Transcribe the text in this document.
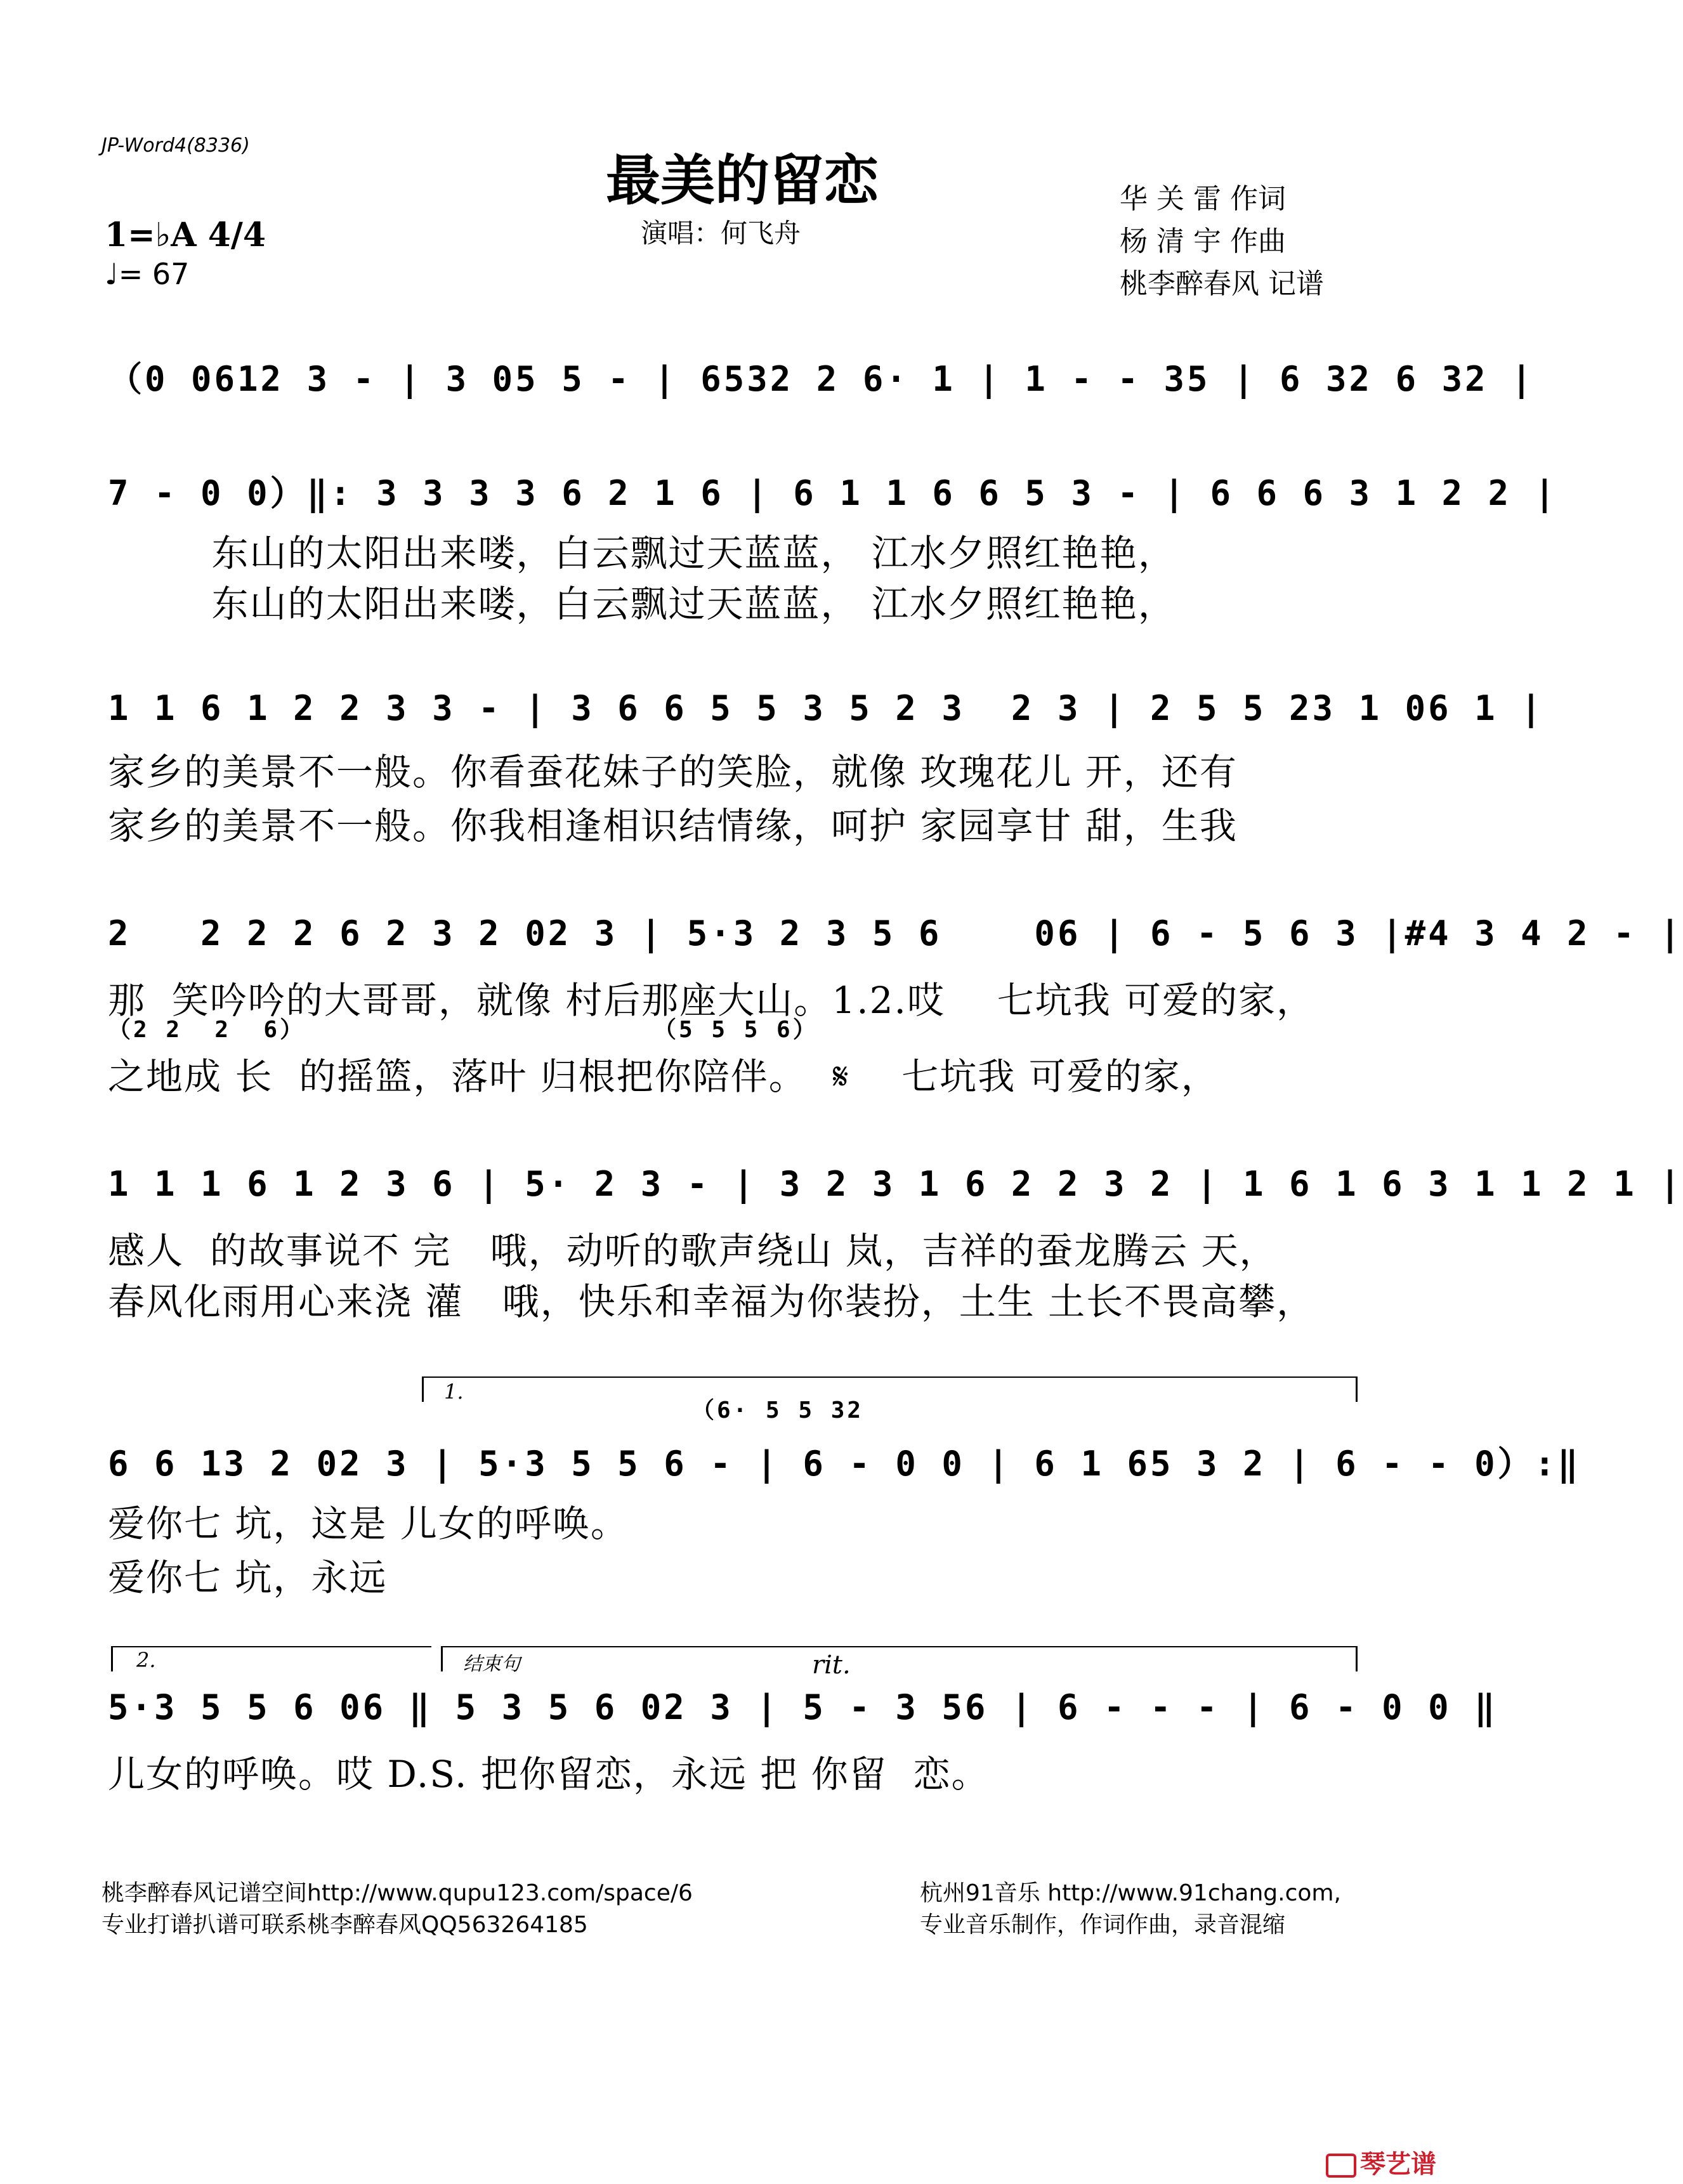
JP-Word4(8336)
最美的留恋
演唱：何飞舟
华 关 雷 作词
杨 清 宇 作曲
桃李醉春风 记谱
1=♭A 4/4
♩= 67
（0 0612 3 - | 3 05 5 - | 6532 2 6· 1 | 1 - - 35 | 6 32 6 32 |
7 - 0 0）‖: 3 3 3 3 6 2 1 6 | 6 1 1 6 6 5 3 - | 6 6 6 3 1 2 2 |
东山的太阳出来喽，白云飘过天蓝蓝， 江水夕照红艳艳，
东山的太阳出来喽，白云飘过天蓝蓝， 江水夕照红艳艳，
1 1 6 1 2 2 3 3 - | 3 6 6 5 5 3 5 2 3  2 3 | 2 5 5 23 1 06 1 |
家乡的美景不一般。你看蚕花妹子的笑脸，就像 玫瑰花儿 开，还有
家乡的美景不一般。你我相逢相识结情缘，呵护 家园享甘 甜，生我
2   2 2 2 6 2 3 2 02 3 | 5·3 2 3 5 6    06 | 6 - 5 6 3 |#4 3 4 2 - |
那  笑吟吟的大哥哥，就像 村后那座大山。1.2.哎    七坑我 可爱的家，
（2 2  2  6）	（5 5 5 6）
之地成 长  的摇篮，落叶 归根把你陪伴。  𝄋    七坑我 可爱的家，
1 1 1 6 1 2 3 6 | 5· 2 3 - | 3 2 3 1 6 2 2 3 2 | 1 6 1 6 3 1 1 2 1 |
感人  的故事说不 完   哦，动听的歌声绕山 岚，吉祥的蚕龙腾云 天，
春风化雨用心来浇 灌   哦，快乐和幸福为你装扮，土生 土长不畏高攀，
1.
（6· 5 5 32
6 6 13 2 02 3 | 5·3 5 5 6 - | 6 - 0 0 | 6 1 65 3 2 | 6 - - 0）:‖
爱你七 坑，这是 儿女的呼唤。
爱你七 坑，永远
2.	结束句	rit.
5·3 5 5 6 06 ‖ 5 3 5 6 02 3 | 5 - 3 56 | 6 - - - | 6 - 0 0 ‖
儿女的呼唤。哎 D.S. 把你留恋，永远 把 你留  恋。
桃李醉春风记谱空间http://www.qupu123.com/space/6
专业打谱扒谱可联系桃李醉春风QQ563264185
杭州91音乐 http://www.91chang.com,
专业音乐制作，作词作曲，录音混缩
琴艺谱
